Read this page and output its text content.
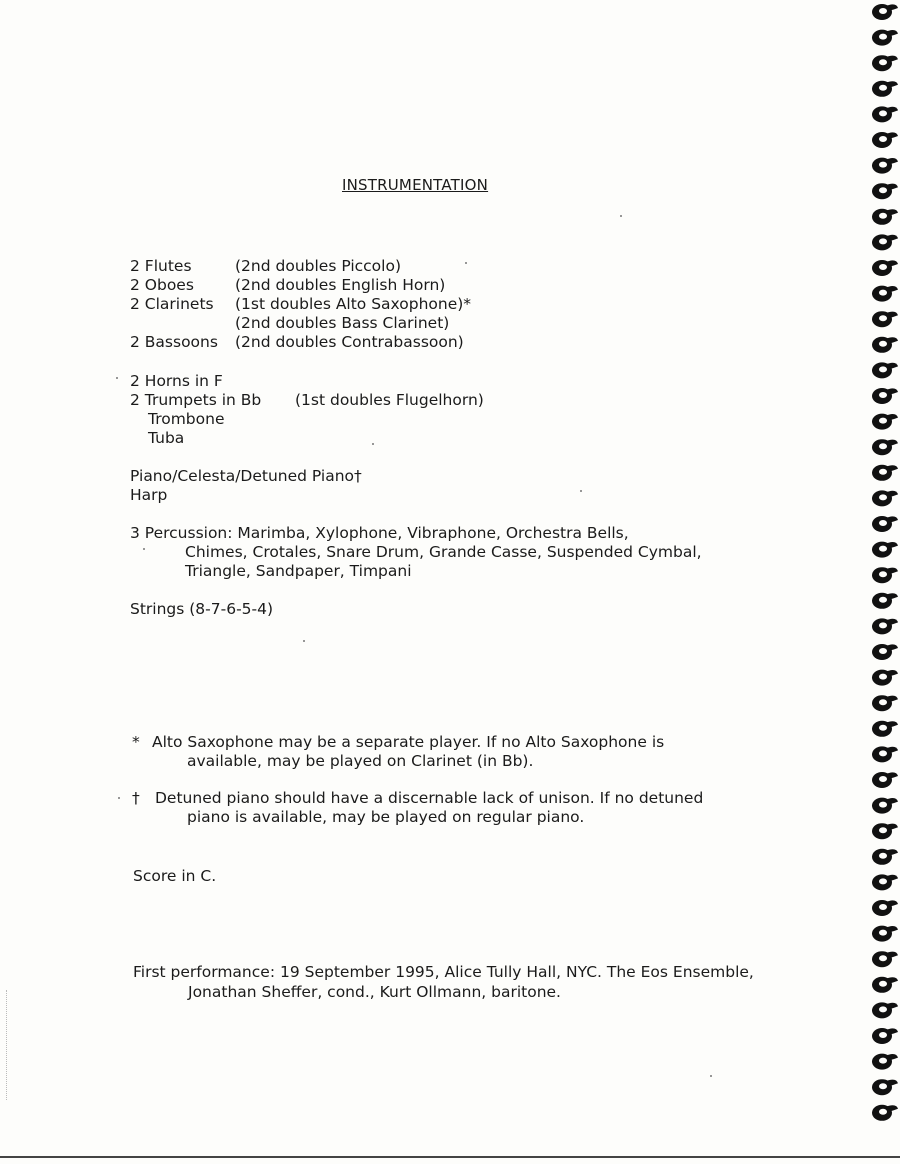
INSTRUMENTATION
2 Flutes	(2nd doubles Piccolo)
2 Oboes	(2nd doubles English Horn)
2 Clarinets (1st doubles Alto Saxophone)*
(2nd doubles Bass Clarinet)
2 Bassoons (2nd doubles Contrabassoon)
2 Horns in F
2 Trumpets in Bb (1st doubles Flugelhorn)
Trombone
Tuba
Piano/Celesta/Detuned Piano†
Harp
3 Percussion: Marimba, Xylophone, Vibraphone, Orchestra Bells,
Chimes, Crotales, Snare Drum, Grande Casse, Suspended Cymbal,
Triangle, Sandpaper, Timpani
Strings (8-7-6-5-4)
* Alto Saxophone may be a separate player. If no Alto Saxophone is
available, may be played on Clarinet (in Bb).
† Detuned piano should have a discernable lack of unison. If no detuned
piano is available, may be played on regular piano.
Score in C.
First performance: 19 September 1995, Alice Tully Hall, NYC. The Eos Ensemble,
Jonathan Sheffer, cond., Kurt Ollmann, baritone.
